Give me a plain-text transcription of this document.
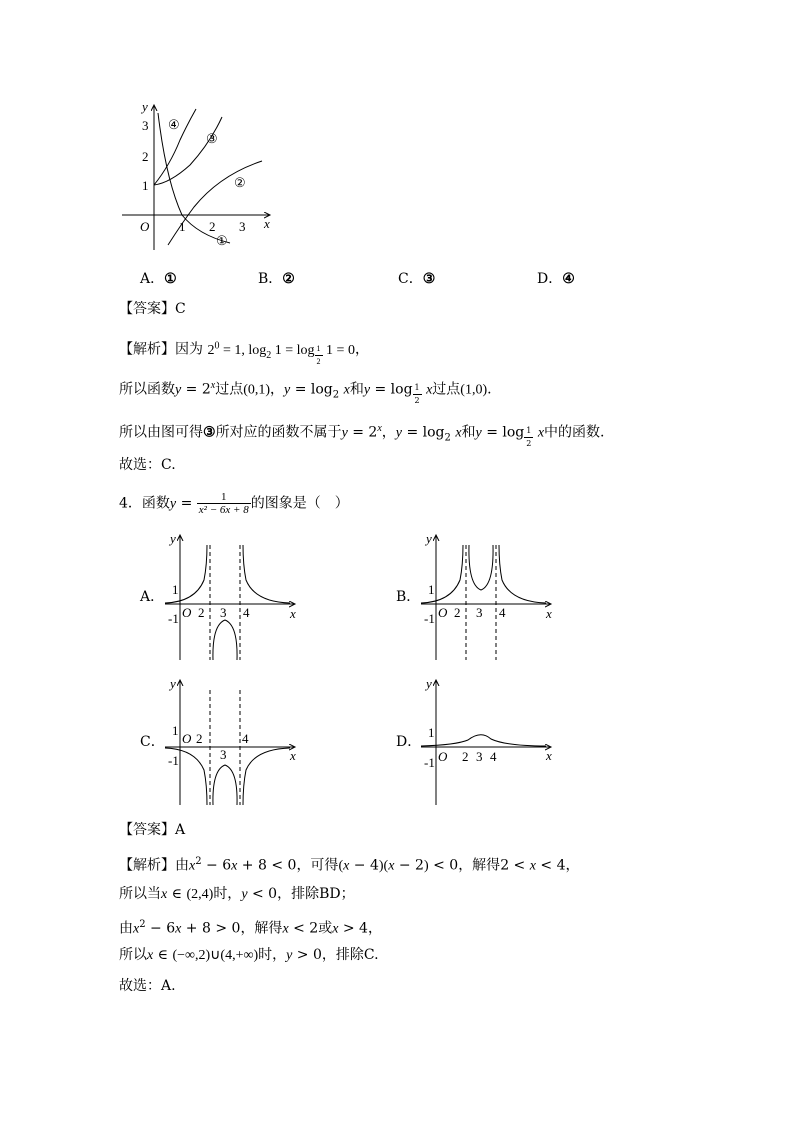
y
x
O
3
2
1
1 2 3
④
③
②
①
A．①	B．②	C．③	D．④
【答案】C
【解析】因为 $2^0 = 1$, $\log_2 1 = \log _{\frac{1}{2}}$ 1 = 0，
所以函数$y = 2^x$过点(0,1)，$y = \log_2 x$和y = log $_{\frac{1}{2}}$ x过点(1,0).
所以由图可得③所对应的函数不属于$y = 2^x$，$y = \log_2 x$和y = log $_{\frac{1}{2}}$ x中的函数.
故选：C.
4．函数$y = \frac{1}{\text{x² − 6x + 8}}$ 的图象是（　）
A．
y
x
O
1
-1 2 3 4
B．
y
x
O
1
-1 2 3 4
C．
y
x
O
1
-1
2
3
4	D．
y
x
O
1
-1 2 3 4
【答案】A
【解析】由$x^2 - 6x + 8 < 0$，可得(x − 4)(x − 2) < 0，解得2 < x < 4，
所以当x ∈ (2,4)时，y < 0，排除BD；
由$x^2 - 6x + 8 > 0$，解得x < 2或x > 4，
所以x ∈ (−∞,2)∪(4,+∞)时，y > 0，排除C.
故选：A.
